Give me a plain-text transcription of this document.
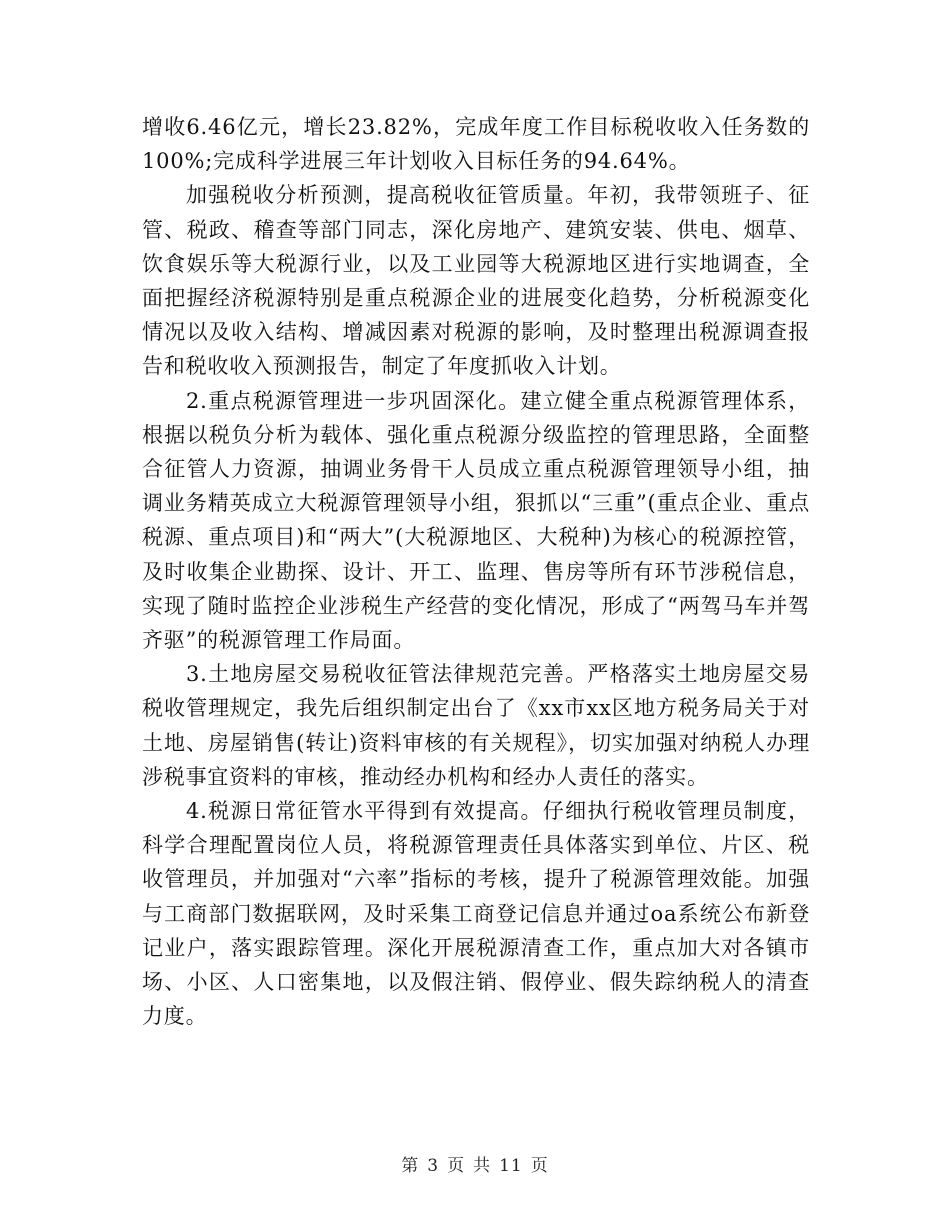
增收6.46亿元，增长23.82%，完成年度工作目标税收收入任务数的100%;完成科学进展三年计划收入目标任务的94.64%。

加强税收分析预测，提高税收征管质量。年初，我带领班子、征管、税政、稽查等部门同志，深化房地产、建筑安装、供电、烟草、饮食娱乐等大税源行业，以及工业园等大税源地区进行实地调查，全面把握经济税源特别是重点税源企业的进展变化趋势，分析税源变化情况以及收入结构、增减因素对税源的影响，及时整理出税源调查报告和税收收入预测报告，制定了年度抓收入计划。

2.重点税源管理进一步巩固深化。建立健全重点税源管理体系，根据以税负分析为载体、强化重点税源分级监控的管理思路，全面整合征管人力资源，抽调业务骨干人员成立重点税源管理领导小组，抽调业务精英成立大税源管理领导小组，狠抓以“三重”(重点企业、重点税源、重点项目)和“两大”(大税源地区、大税种)为核心的税源控管，及时收集企业勘探、设计、开工、监理、售房等所有环节涉税信息，实现了随时监控企业涉税生产经营的变化情况，形成了“两驾马车并驾齐驱”的税源管理工作局面。

3.土地房屋交易税收征管法律规范完善。严格落实土地房屋交易税收管理规定，我先后组织制定出台了《xx市xx区地方税务局关于对土地、房屋销售(转让)资料审核的有关规程》，切实加强对纳税人办理涉税事宜资料的审核，推动经办机构和经办人责任的落实。

4.税源日常征管水平得到有效提高。仔细执行税收管理员制度，科学合理配置岗位人员，将税源管理责任具体落实到单位、片区、税收管理员，并加强对“六率”指标的考核，提升了税源管理效能。加强与工商部门数据联网，及时采集工商登记信息并通过oa系统公布新登记业户，落实跟踪管理。深化开展税源清查工作，重点加大对各镇市场、小区、人口密集地，以及假注销、假停业、假失踪纳税人的清查力度。

第 3 页 共 11 页
